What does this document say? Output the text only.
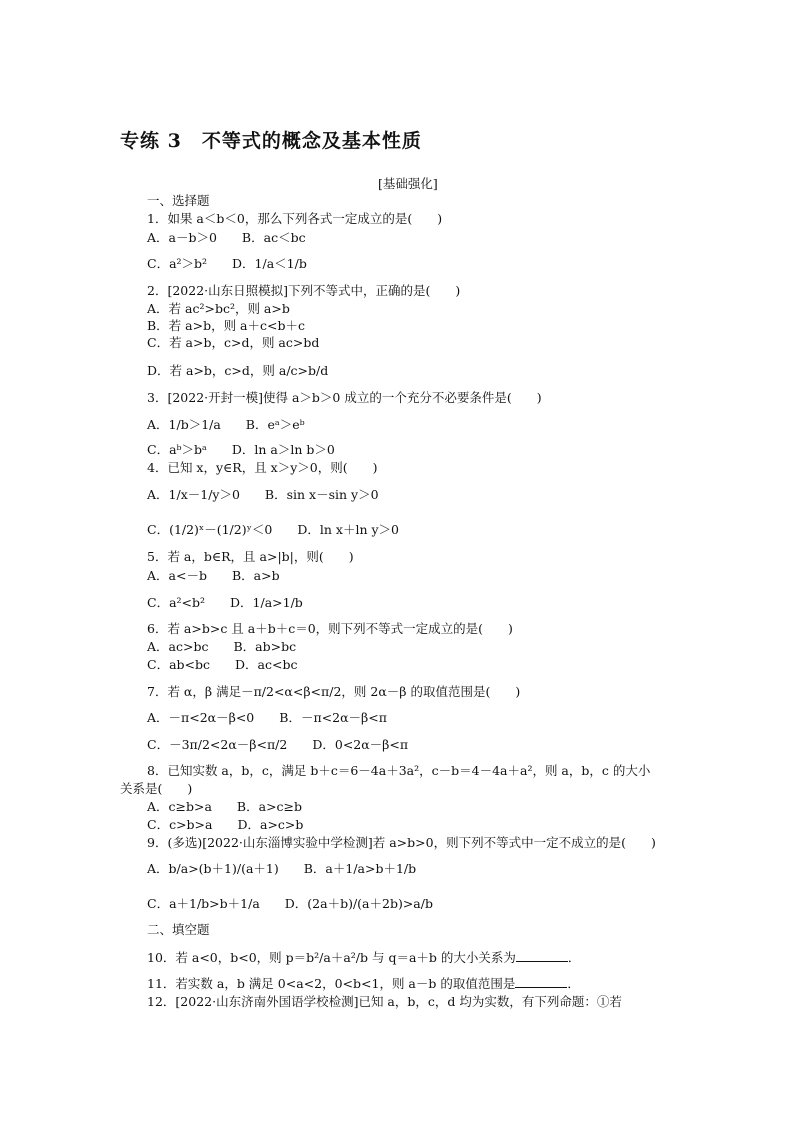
专练 3　不等式的概念及基本性质
[基础强化]
一、选择题
1．如果 a＜b＜0，那么下列各式一定成立的是(　　)
A．a－b＞0　　B．ac＜bc
C．a²＞b²　　D．1/a＜1/b
2．[2022·山东日照模拟]下列不等式中，正确的是(　　)
A．若 ac²>bc²，则 a>b
B．若 a>b，则 a＋c<b＋c
C．若 a>b，c>d，则 ac>bd
D．若 a>b，c>d，则 a/c>b/d
3．[2022·开封一模]使得 a＞b＞0 成立的一个充分不必要条件是(　　)
A．1/b＞1/a　　B．eᵃ＞eᵇ
C．aᵇ＞bᵃ　　D．ln a＞ln b＞0
4．已知 x，y∈R，且 x＞y＞0，则(　　)
A．1/x－1/y＞0　　B．sin x－sin y＞0
C．(1/2)ˣ－(1/2)ʸ＜0　　D．ln x＋ln y＞0
5．若 a，b∈R，且 a>|b|，则(　　)
A．a<－b　　B．a>b
C．a²<b²　　D．1/a>1/b
6．若 a>b>c 且 a＋b＋c＝0，则下列不等式一定成立的是(　　)
A．ac>bc　　B．ab>bc
C．ab<bc　　D．ac<bc
7．若 α，β 满足－π/2<α<β<π/2，则 2α－β 的取值范围是(　　)
A．－π<2α－β<0　　B．－π<2α－β<π
C．－3π/2<2α－β<π/2　　D．0<2α－β<π
8．已知实数 a，b，c，满足 b＋c＝6－4a＋3a²，c－b＝4－4a＋a²，则 a，b，c 的大小
关系是(　　)
A．c≥b>a　　B．a>c≥b
C．c>b>a　　D．a>c>b
9．(多选)[2022·山东淄博实验中学检测]若 a>b>0，则下列不等式中一定不成立的是(　　)
A．b/a>(b＋1)/(a＋1)　　B．a＋1/a>b＋1/b
C．a＋1/b>b＋1/a　　D．(2a＋b)/(a＋2b)>a/b
二、填空题
10．若 a<0，b<0，则 p＝b²/a＋a²/b 与 q＝a＋b 的大小关系为	．
11．若实数 a，b 满足 0<a<2，0<b<1，则 a－b 的取值范围是	．
12．[2022·山东济南外国语学校检测]已知 a，b，c，d 均为实数，有下列命题：①若
